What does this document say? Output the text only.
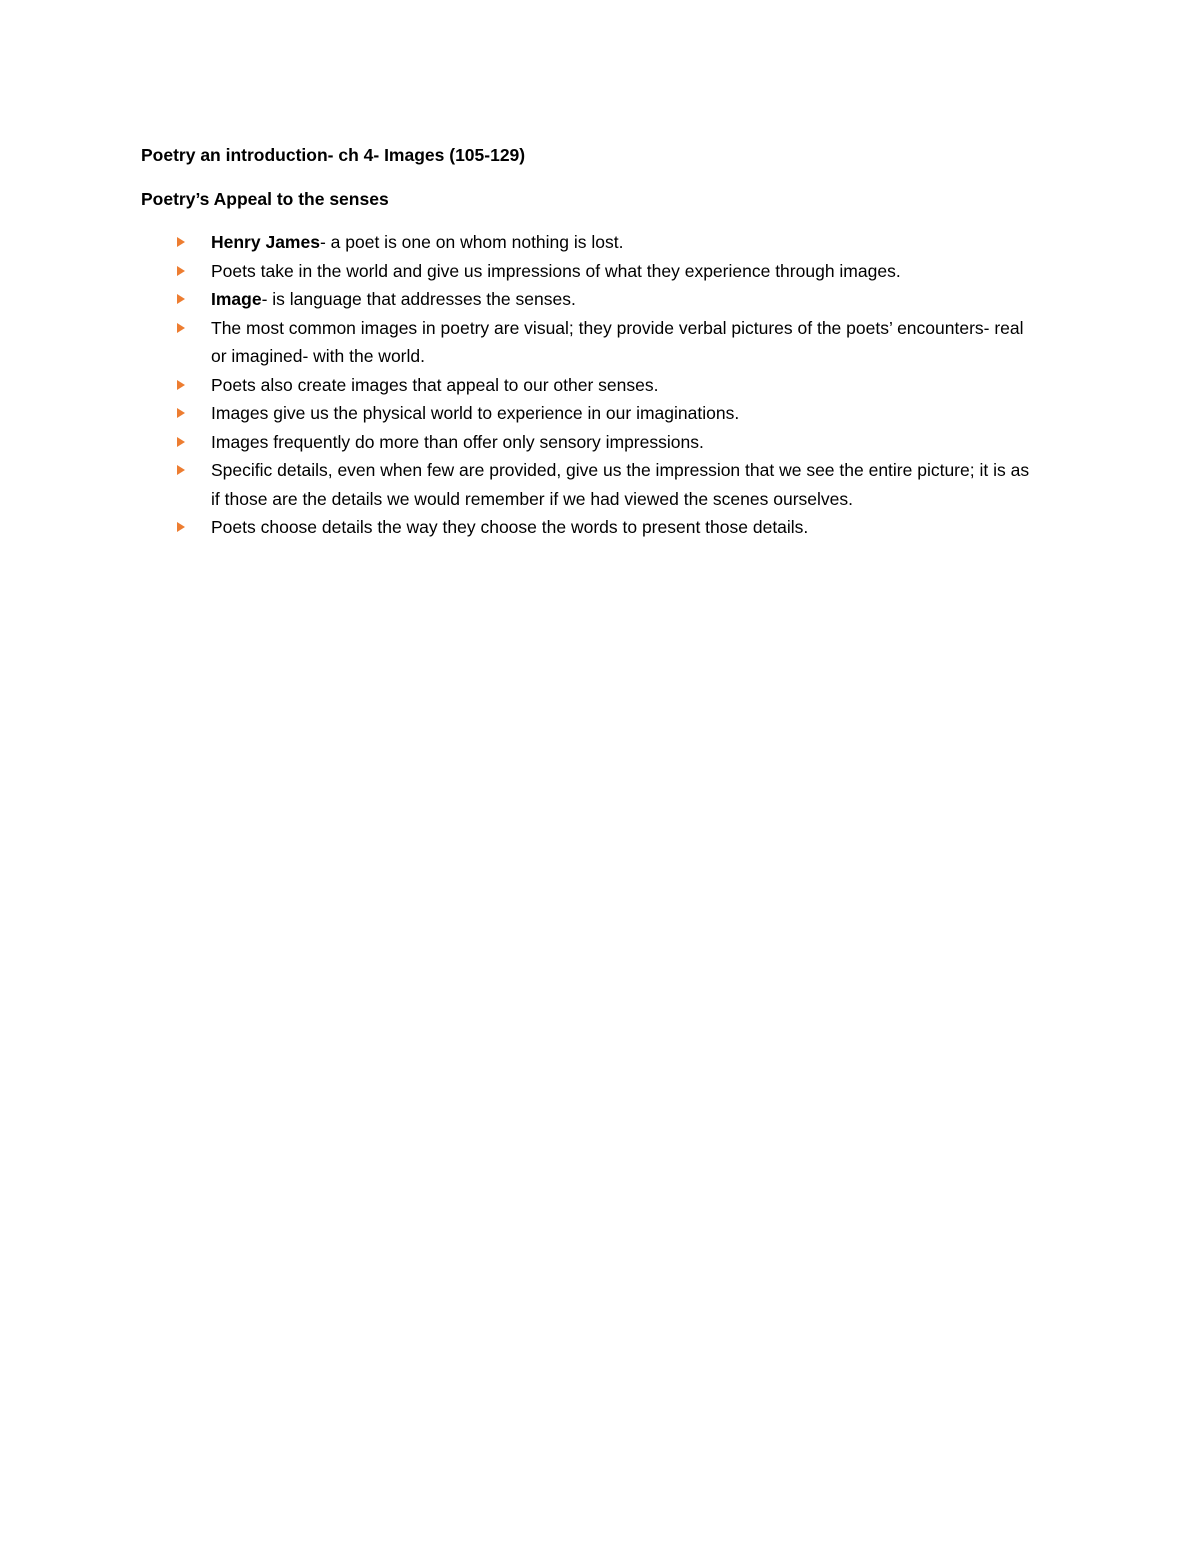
Poetry an introduction- ch 4- Images (105-129)
Poetry’s Appeal to the senses
Henry James- a poet is one on whom nothing is lost.
Poets take in the world and give us impressions of what they experience through images.
Image- is language that addresses the senses.
The most common images in poetry are visual; they provide verbal pictures of the poets’ encounters- real or imagined- with the world.
Poets also create images that appeal to our other senses.
Images give us the physical world to experience in our imaginations.
Images frequently do more than offer only sensory impressions.
Specific details, even when few are provided, give us the impression that we see the entire picture; it is as if those are the details we would remember if we had viewed the scenes ourselves.
Poets choose details the way they choose the words to present those details.
